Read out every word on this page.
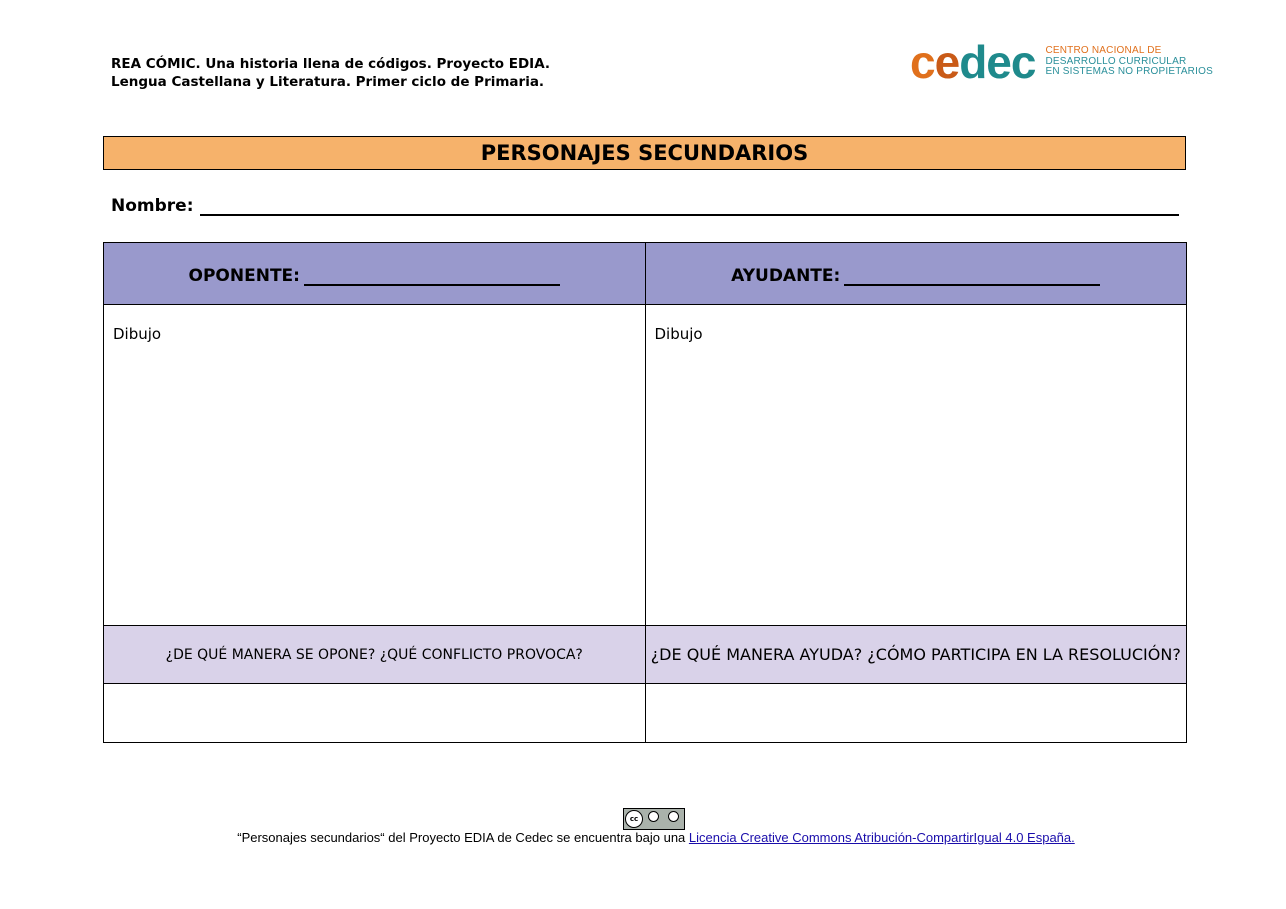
REA CÓMIC. Una historia llena de códigos. Proyecto EDIA.
Lengua Castellana y Literatura. Primer ciclo de Primaria.	cedec CENTRO NACIONAL DE
DESARROLLO CURRICULAR
EN SISTEMAS NO PROPIETARIOS
PERSONAJES SECUNDARIOS
Nombre:
OPONENTE:	AYUDANTE:

Dibujo	Dibujo

¿DE QUÉ MANERA SE OPONE? ¿QUÉ CONFLICTO PROVOCA?	¿DE QUÉ MANERA AYUDA? ¿CÓMO PARTICIPA EN LA RESOLUCIÓN?

cc
“Personajes secundarios“ del Proyecto EDIA de Cedec se encuentra bajo una Licencia Creative Commons Atribución-CompartirIgual 4.0 España.
